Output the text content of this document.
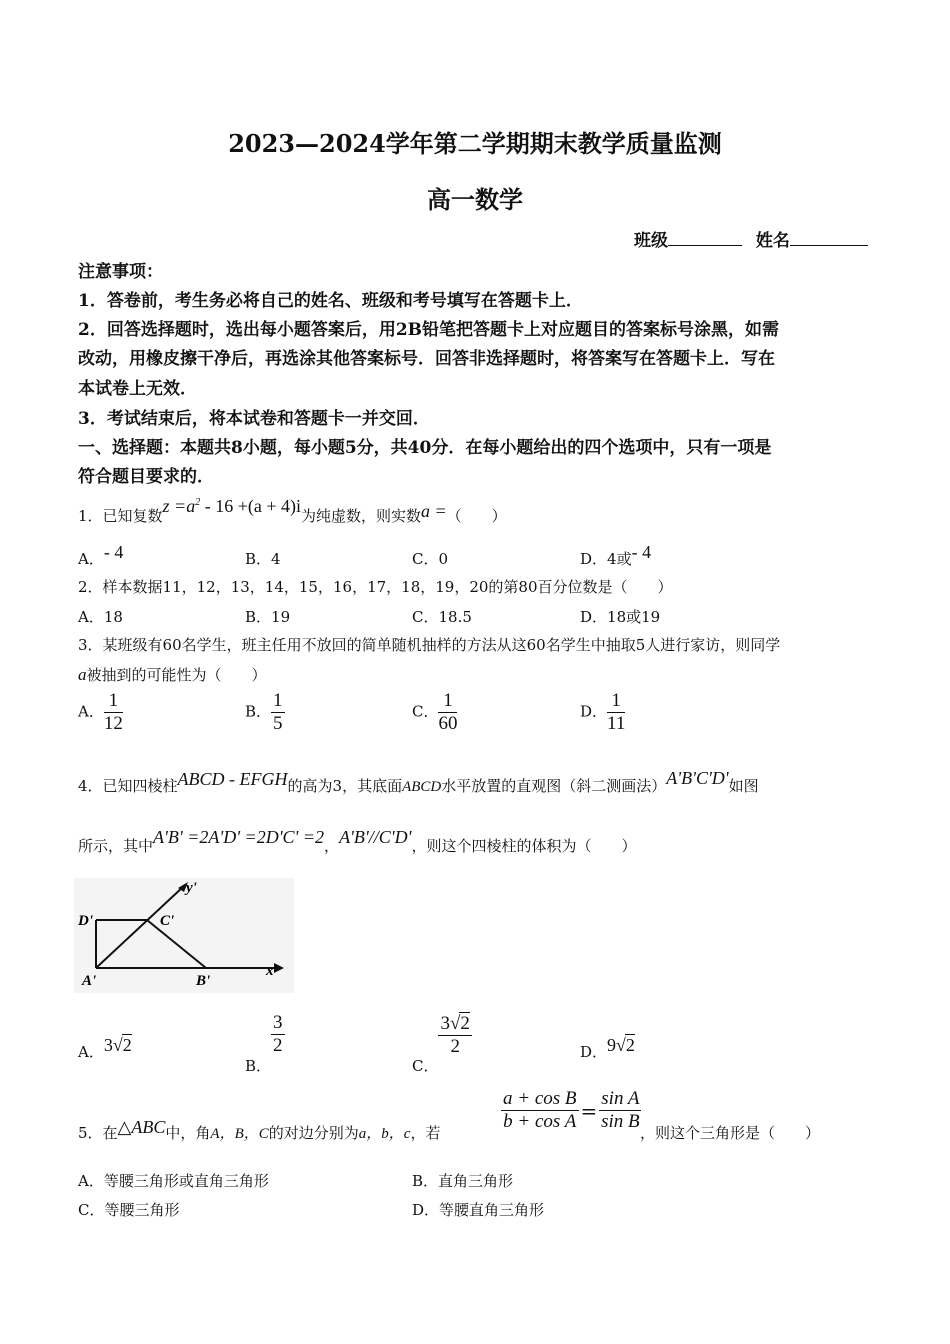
2023—2024学年第二学期期末教学质量监测
高一数学
班级	姓名
注意事项：
1．答卷前，考生务必将自己的姓名、班级和考号填写在答题卡上．
2．回答选择题时，选出每小题答案后，用2B铅笔把答题卡上对应题目的答案标号涂黑，如需
改动，用橡皮擦干净后，再选涂其他答案标号．回答非选择题时，将答案写在答题卡上．写在
本试卷上无效．
3．考试结束后，将本试卷和答题卡一并交回．
一、选择题：本题共8小题，每小题5分，共40分．在每小题给出的四个选项中，只有一项是
符合题目要求的．
1．已知复数$z =a^2 - 16 +(a + 4)i$为纯虚数，则实数a =（　　）
A．- 4	B．4	C．0	D．4或- 4
2．样本数据11，12，13，14，15，16，17，18，19，20的第80百分位数是（　　）
A．18	B．19	C．18.5	D．18或19
3．某班级有60名学生，班主任用不放回的简单随机抽样的方法从这60名学生中抽取5人进行家访，则同学
a被抽到的可能性为（　　）
A． $\frac{1}{12}$	B． $\frac{1}{5}$	C． $\frac{1}{60}$	D． $\frac{1}{11}$
4．已知四棱柱ABCD - EFGH的高为3，其底面ABCD水平放置的直观图（斜二测画法）A'B'C'D'如图
所示，其中A'B' =2A'D' =2D'C' =2，A'B'//C'D'，则这个四棱柱的体积为（　　）
D'	C'
A'	B'
x'
y'
A．3√2
B．
$\frac{3}{2}$
C．
$\frac{3√2}{2}$	D．9√2
5．在△ABC中，角A，B，C的对边分别为a，b，c，若	$\frac{\text{a + cos B}}{\text{b + cos A}} = \frac{\text{sin A}}{\text{sin B}}$
，则这个三角形是（　　）
A．等腰三角形或直角三角形	B．直角三角形
C．等腰三角形	D．等腰直角三角形
